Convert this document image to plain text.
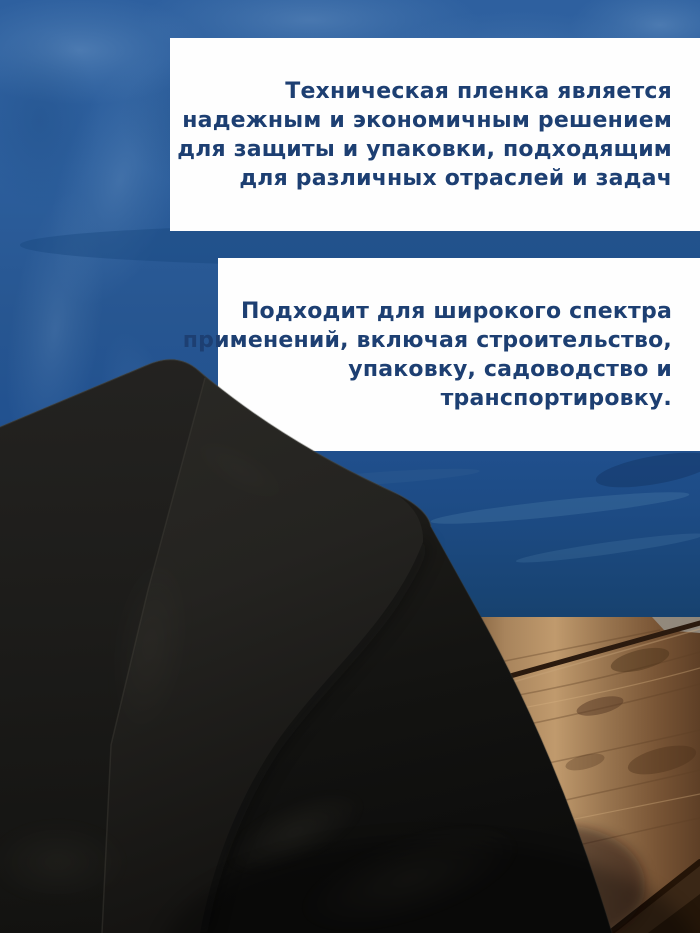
Техническая пленка является
надежным и экономичным решением
для защиты и упаковки, подходящим
для различных отраслей и задач
Подходит для широкого спектра
применений, включая строительство,
упаковку, садоводство и
транспортировку.
